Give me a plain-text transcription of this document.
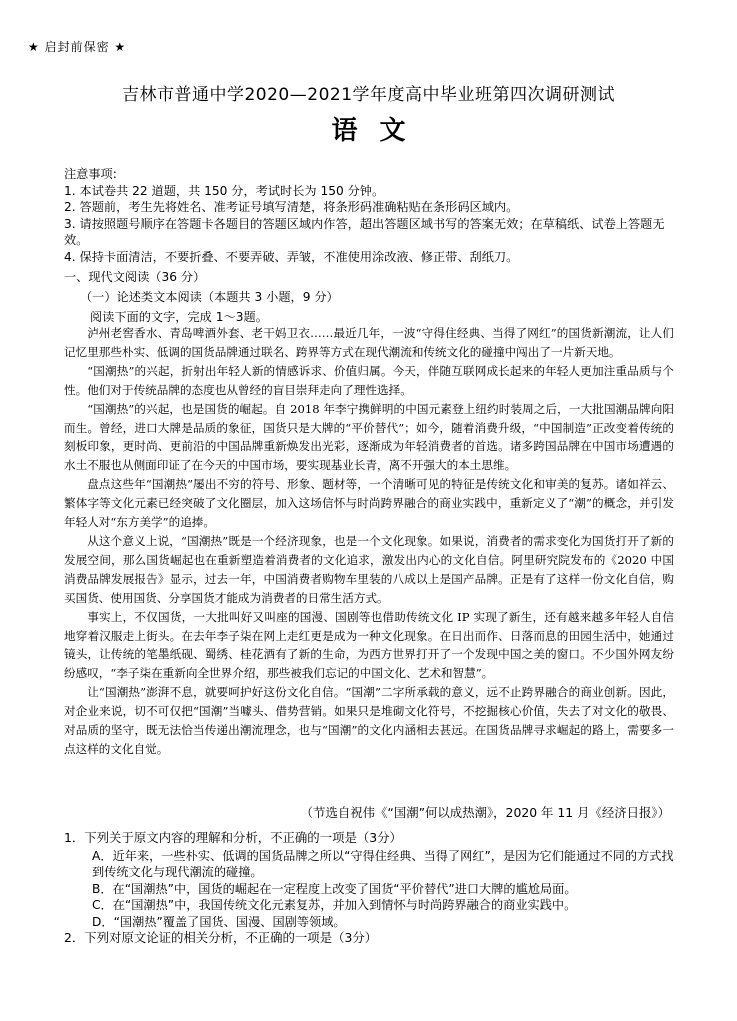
★ 启封前保密 ★
吉林市普通中学2020—2021学年度高中毕业班第四次调研测试
语文
注意事项:
1. 本试卷共 22 道题，共 150 分，考试时长为 150 分钟。
2. 答题前，考生先将姓名、准考证号填写清楚，将条形码准确粘贴在条形码区域内。
3. 请按照题号顺序在答题卡各题目的答题区域内作答，超出答题区域书写的答案无效；在草稿纸、试卷上答题无效。
4. 保持卡面清洁，不要折叠、不要弄破、弄皱，不准使用涂改液、修正带、刮纸刀。
一、现代文阅读（36 分）
（一）论述类文本阅读（本题共 3 小题，9 分）
阅读下面的文字，完成 1～3题。

泸州老窖香水、青岛啤酒外套、老干妈卫衣……最近几年，一波“守得住经典、当得了网红”的国货新潮流，让人们记忆里那些朴实、低调的国货品牌通过联名、跨界等方式在现代潮流和传统文化的碰撞中闯出了一片新天地。

“国潮热”的兴起，折射出年轻人新的情感诉求、价值归属。今天，伴随互联网成长起来的年轻人更加注重品质与个性。他们对于传统品牌的态度也从曾经的盲目崇拜走向了理性选择。

“国潮热”的兴起，也是国货的崛起。自 2018 年李宁携鲜明的中国元素登上纽约时装周之后，一大批国潮品牌向阳而生。曾经，进口大牌是品质的象征，国货只是大牌的“平价替代”；如今，随着消费升级，“中国制造”正改变着传统的刻板印象，更时尚、更前沿的中国品牌重新焕发出光彩，逐渐成为年轻消费者的首选。诸多跨国品牌在中国市场遭遇的水土不服也从侧面印证了在今天的中国市场，要实现基业长青，离不开强大的本土思维。

盘点这些年“国潮热”屡出不穷的符号、形象、题材等，一个清晰可见的特征是传统文化和审美的复苏。诸如祥云、繁体字等文化元素已经突破了文化圈层，加入这场信怀与时尚跨界融合的商业实践中，重新定义了“潮”的概念，并引发年轻人对“东方美学”的追捧。

从这个意义上说，“国潮热”既是一个经济现象，也是一个文化现象。如果说，消费者的需求变化为国货打开了新的发展空间，那么国货崛起也在重新塑造着消费者的文化追求，激发出内心的文化自信。阿里研究院发布的《2020 中国消费品牌发展报告》显示，过去一年，中国消费者购物车里装的八成以上是国产品牌。正是有了这样一份文化自信，购买国货、使用国货、分享国货才能成为消费者的日常生活方式。

事实上，不仅国货，一大批叫好又叫座的国漫、国剧等也借助传统文化 IP 实现了新生，还有越来越多年轻人自信地穿着汉服走上街头。在去年李子柒在网上走红更是成为一种文化现象。在日出而作、日落而息的田园生活中，她通过镜头，让传统的笔墨纸砚、蜀绣、桂花酒有了新的生命，为西方世界打开了一个发现中国之美的窗口。不少国外网友纷纷感叹，“李子柒在重新向全世界介绍，那些被我们忘记的中国文化、艺术和智慧”。

让“国潮热”澎湃不息，就要呵护好这份文化自信。“国潮”二字所承载的意义，远不止跨界融合的商业创新。因此，对企业来说，切不可仅把“国潮”当噱头、借势营销。如果只是堆砌文化符号，不挖掘核心价值，失去了对文化的敬畏、对品质的坚守，既无法恰当传递出潮流理念，也与“国潮”的文化内涵相去甚远。在国货品牌寻求崛起的路上，需要多一点这样的文化自觉。

（节选自祝伟《“国潮”何以成热潮》，2020 年 11 月《经济日报》）
1．下列关于原文内容的理解和分析，不正确的一项是（3分）
A．近年来，一些朴实、低调的国货品牌之所以“守得住经典、当得了网红”，是因为它们能通过不同的方式找到传统文化与现代潮流的碰撞。
B．在“国潮热”中，国货的崛起在一定程度上改变了国货“平价替代”进口大牌的尴尬局面。
C．在“国潮热”中，我国传统文化元素复苏，并加入到情怀与时尚跨界融合的商业实践中。
D．“国潮热”覆盖了国货、国漫、国剧等领域。
2．下列对原文论证的相关分析，不正确的一项是（3分）
